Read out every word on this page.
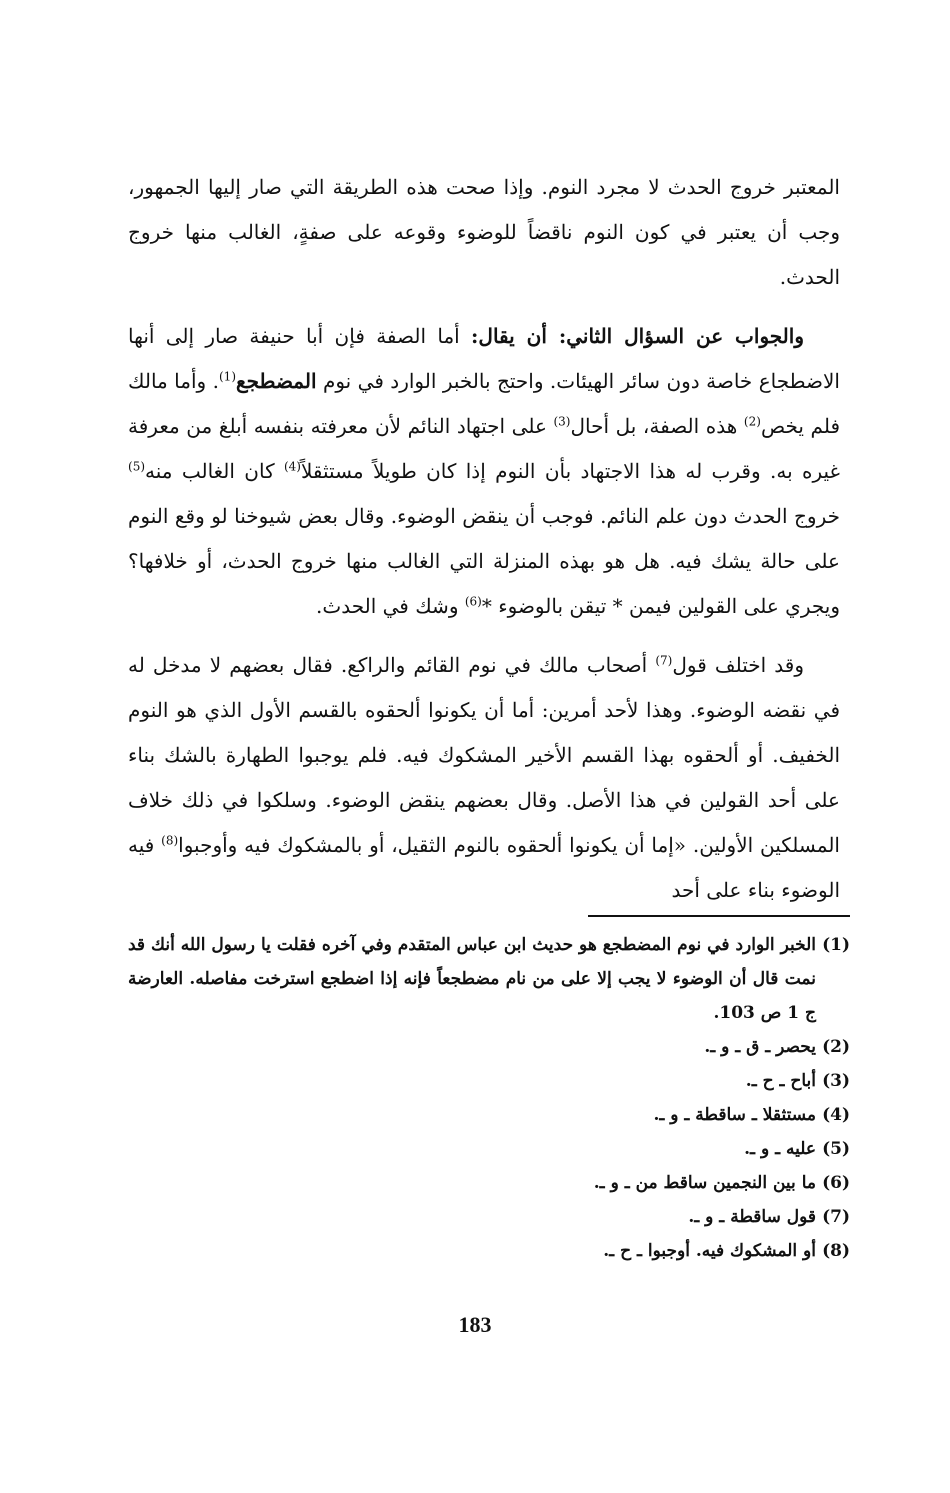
المعتبر خروج الحدث لا مجرد النوم. وإذا صحت هذه الطريقة التي صار إليها الجمهور، وجب أن يعتبر في كون النوم ناقضاً للوضوء وقوعه على صفةٍ، الغالب منها خروج الحدث.

والجواب عن السؤال الثاني: أن يقال: أما الصفة فإن أبا حنيفة صار إلى أنها الاضطجاع خاصة دون سائر الهيئات. واحتج بالخبر الوارد في نوم المضطجع$^{(1)}$. وأما مالك فلم يخص$^{(2)}$ هذه الصفة، بل أحال$^{(3)}$ على اجتهاد النائم لأن معرفته بنفسه أبلغ من معرفة غيره به. وقرب له هذا الاجتهاد بأن النوم إذا كان طويلاً مستثقلاً$^{(4)}$ كان الغالب منه$^{(5)}$ خروج الحدث دون علم النائم. فوجب أن ينقض الوضوء. وقال بعض شيوخنا لو وقع النوم على حالة يشك فيه. هل هو بهذه المنزلة التي الغالب منها خروج الحدث، أو خلافها؟ ويجري على القولين فيمن * تيقن بالوضوء *$^{(6)}$ وشك في الحدث.

وقد اختلف قول$^{(7)}$ أصحاب مالك في نوم القائم والراكع. فقال بعضهم لا مدخل له في نقضه الوضوء. وهذا لأحد أمرين: أما أن يكونوا ألحقوه بالقسم الأول الذي هو النوم الخفيف. أو ألحقوه بهذا القسم الأخير المشكوك فيه. فلم يوجبوا الطهارة بالشك بناء على أحد القولين في هذا الأصل. وقال بعضهم ينقض الوضوء. وسلكوا في ذلك خلاف المسلكين الأولين. «إما أن يكونوا ألحقوه بالنوم الثقيل، أو بالمشكوك فيه وأوجبوا$^{(8)}$ فيه الوضوء بناء على أحد

(1)
الخبر الوارد في نوم المضطجع هو حديث ابن عباس المتقدم وفي آخره فقلت يا رسول الله أنك قد نمت قال أن الوضوء لا يجب إلا على من نام مضطجعاً فإنه إذا اضطجع استرخت مفاصله. العارضة ج 1 ص 103.
(2)
يحصر ـ ق ـ و ـ.
(3)
أباح ـ ح ـ.
(4)
مستثقلا ـ ساقطة ـ و ـ.
(5)
عليه ـ و ـ.
(6)
ما بين النجمين ساقط من ـ و ـ.
(7)
قول ساقطة ـ و ـ.
(8)
أو المشكوك فيه. أوجبوا ـ ح ـ.
183
